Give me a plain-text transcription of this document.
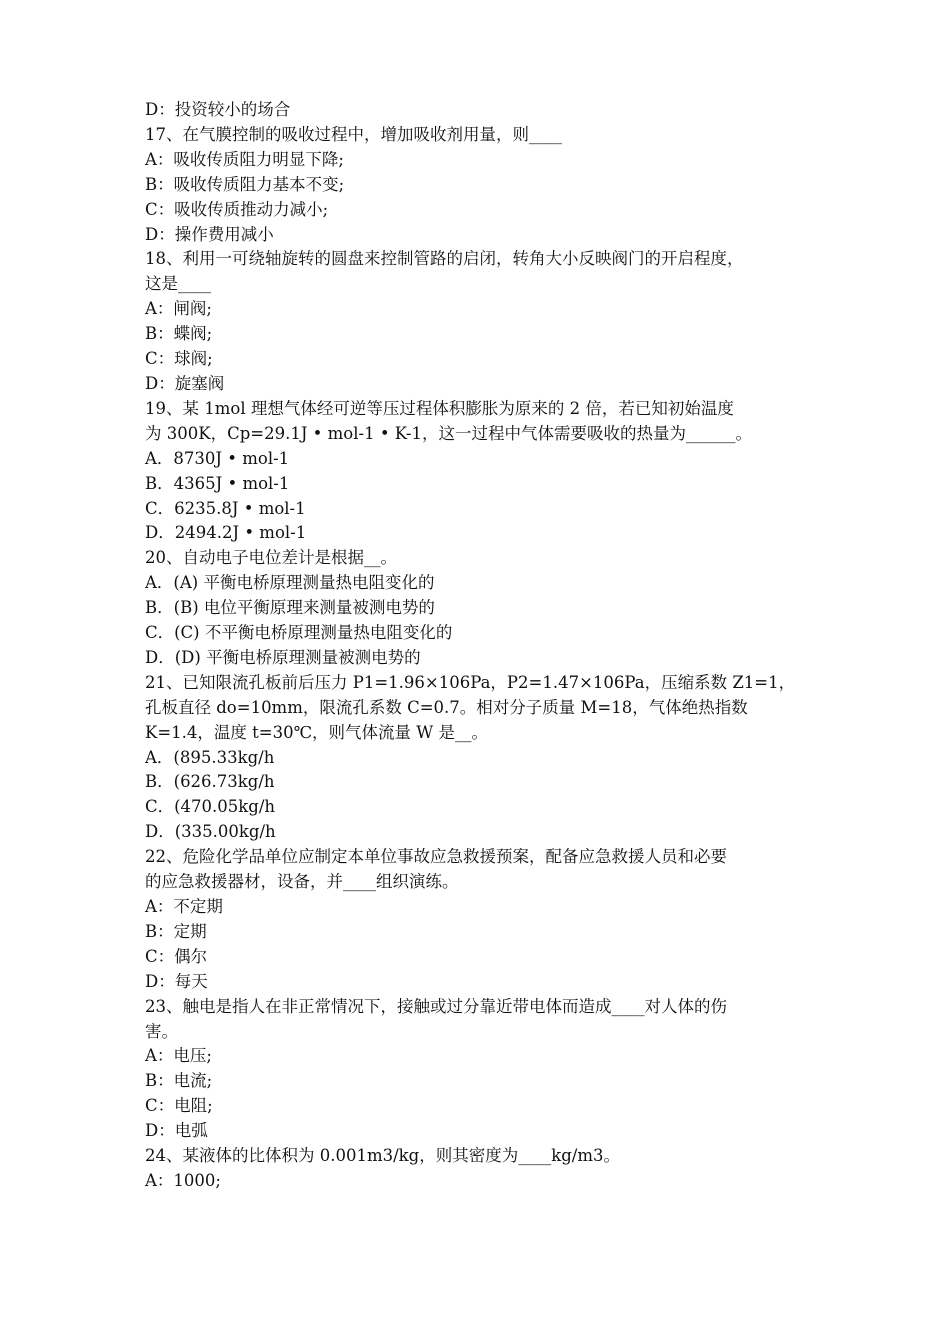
D：投资较小的场合
17、在气膜控制的吸收过程中，增加吸收剂用量，则____
A：吸收传质阻力明显下降;
B：吸收传质阻力基本不变;
C：吸收传质推动力减小;
D：操作费用减小
18、利用一可绕轴旋转的圆盘来控制管路的启闭，转角大小反映阀门的开启程度，
这是____
A：闸阀;
B：蝶阀;
C：球阀;
D：旋塞阀
19、某 1mol 理想气体经可逆等压过程体积膨胀为原来的 2 倍，若已知初始温度
为 300K，Cp=29.1J • mol-1 • K-1，这一过程中气体需要吸收的热量为______。
A．8730J • mol-1
B．4365J • mol-1
C．6235.8J • mol-1
D．2494.2J • mol-1
20、自动电子电位差计是根据__。
A．(A) 平衡电桥原理测量热电阻变化的
B．(B) 电位平衡原理来测量被测电势的
C．(C) 不平衡电桥原理测量热电阻变化的
D．(D) 平衡电桥原理测量被测电势的
21、已知限流孔板前后压力 P1=1.96×106Pa，P2=1.47×106Pa，压缩系数 Z1=1，
孔板直径 do=10mm，限流孔系数 C=0.7。相对分子质量 M=18，气体绝热指数
K=1.4，温度 t=30℃，则气体流量 W 是__。
A．(895.33kg/h
B．(626.73kg/h
C．(470.05kg/h
D．(335.00kg/h
22、危险化学品单位应制定本单位事故应急救援预案，配备应急救援人员和必要
的应急救援器材，设备，并____组织演练。
A：不定期
B：定期
C：偶尔
D：每天
23、触电是指人在非正常情况下，接触或过分靠近带电体而造成____对人体的伤
害。
A：电压;
B：电流;
C：电阻;
D：电弧
24、某液体的比体积为 0.001m3/kg，则其密度为____kg/m3。
A：1000;
